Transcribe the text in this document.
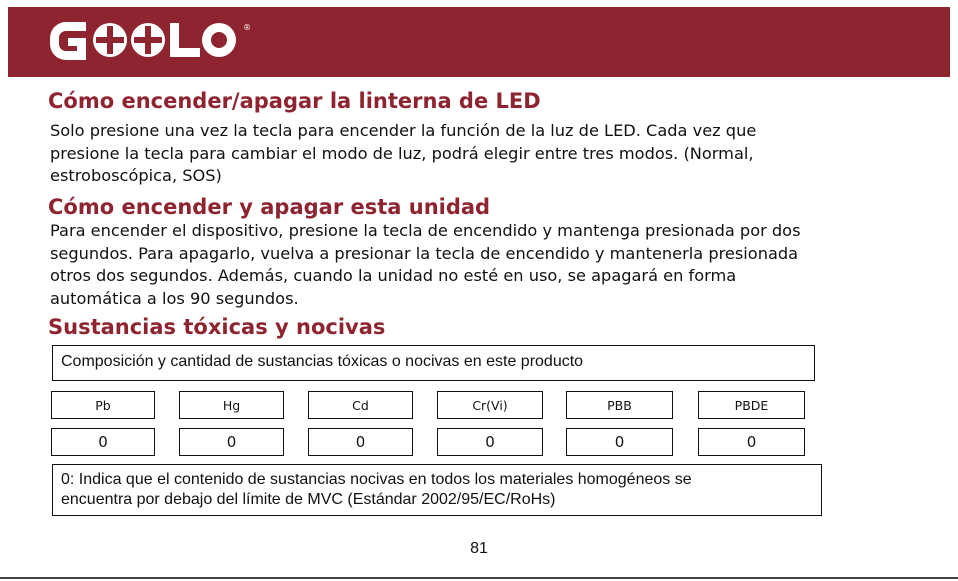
®
Cómo encender/apagar la linterna de LED
Solo presione una vez la tecla para encender la función de la luz de LED. Cada vez que
presione la tecla para cambiar el modo de luz, podrá elegir entre tres modos. (Normal,
estroboscópica, SOS)
Cómo encender y apagar esta unidad
Para encender el dispositivo, presione la tecla de encendido y mantenga presionada por dos
segundos. Para apagarlo, vuelva a presionar la tecla de encendido y mantenerla presionada
otros dos segundos. Además, cuando la unidad no esté en uso, se apagará en forma
automática a los 90 segundos.
Sustancias tóxicas y nocivas
Composición y cantidad de sustancias tóxicas o nocivas en este producto
Pb	Hg	Cd	Cr(Vi)	PBB	PBDE
0	0	0	0	0	0
0: Indica que el contenido de sustancias nocivas en todos los materiales homogéneos se
encuentra por debajo del límite de MVC (Estándar 2002/95/EC/RoHs)
81
